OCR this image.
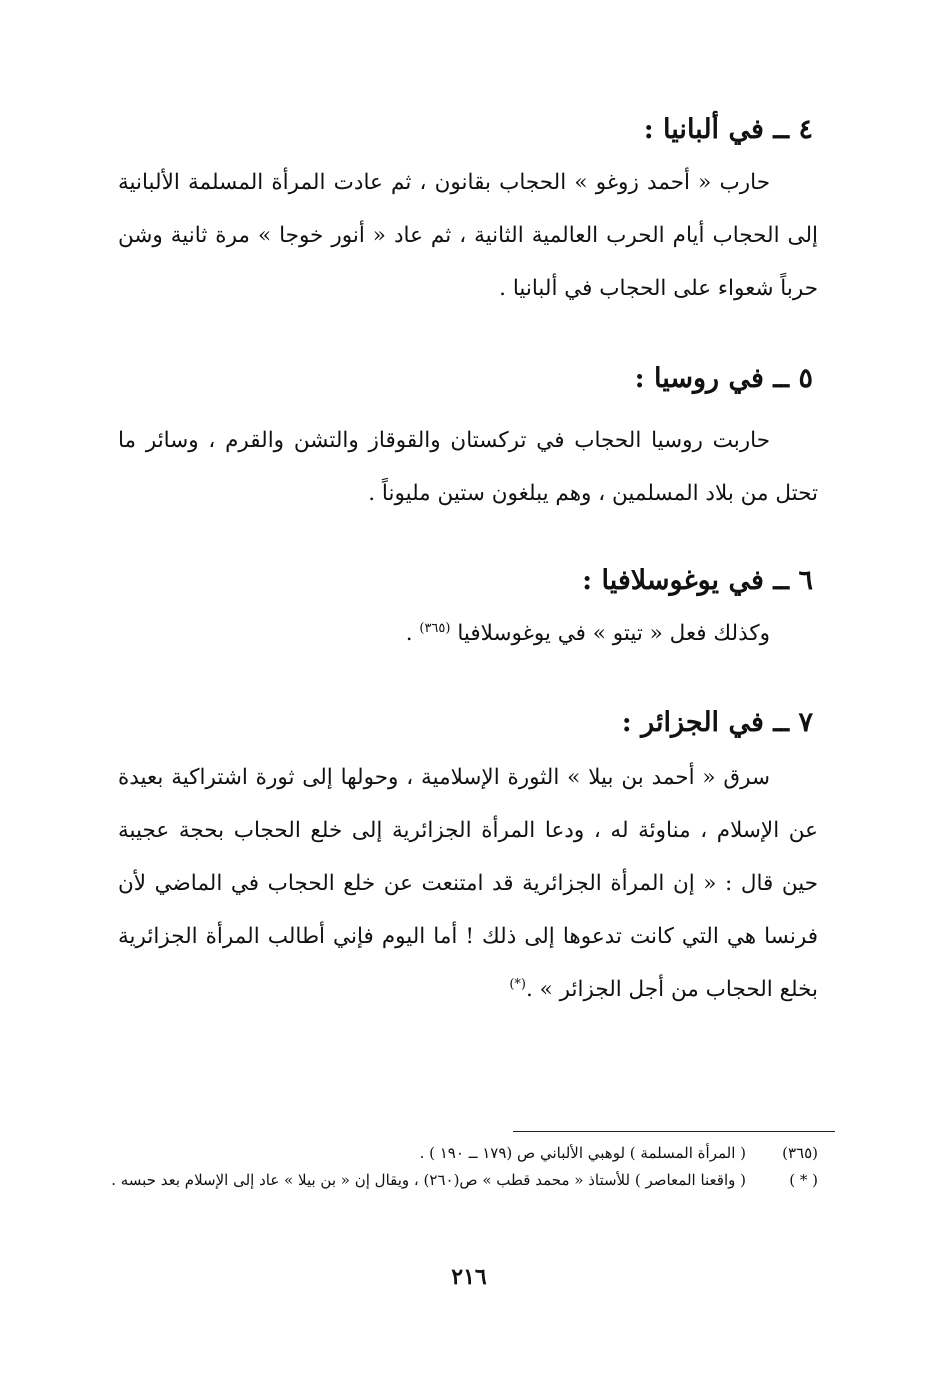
٤ ــ في ألبانيا :
حارب « أحمد زوغو » الحجاب بقانون ، ثم عادت المرأة المسلمة الألبانية إلى الحجاب أيام الحرب العالمية الثانية ، ثم عاد « أنور خوجا » مرة ثانية وشن حرباً شعواء على الحجاب في ألبانيا .
٥ ــ في روسيا :
حاربت روسيا الحجاب في تركستان والقوقاز والتشن والقرم ، وسائر ما تحتل من بلاد المسلمين ، وهم يبلغون ستين مليوناً .
٦ ــ في يوغوسلافيا :
وكذلك فعل « تيتو » في يوغوسلافيا $^{(٣٦٥)}$ .
٧ ــ في الجزائر :
سرق « أحمد بن بيلا » الثورة الإسلامية ، وحولها إلى ثورة اشتراكية بعيدة عن الإسلام ، مناوئة له ، ودعا المرأة الجزائرية إلى خلع الحجاب بحجة عجيبة حين قال : « إن المرأة الجزائرية قد امتنعت عن خلع الحجاب في الماضي لأن فرنسا هي التي كانت تدعوها إلى ذلك ! أما اليوم فإني أطالب المرأة الجزائرية بخلع الحجاب من أجل الجزائر » .(*)
(٣٦٥)
( المرأة المسلمة ) لوهبي الألباني ص (١٧٩ ــ ١٩٠ ) .
( * )
( واقعنا المعاصر ) للأستاذ « محمد قطب » ص(٢٦٠) ، ويقال إن « بن بيلا » عاد إلى الإسلام بعد حبسه .
٢١٦
